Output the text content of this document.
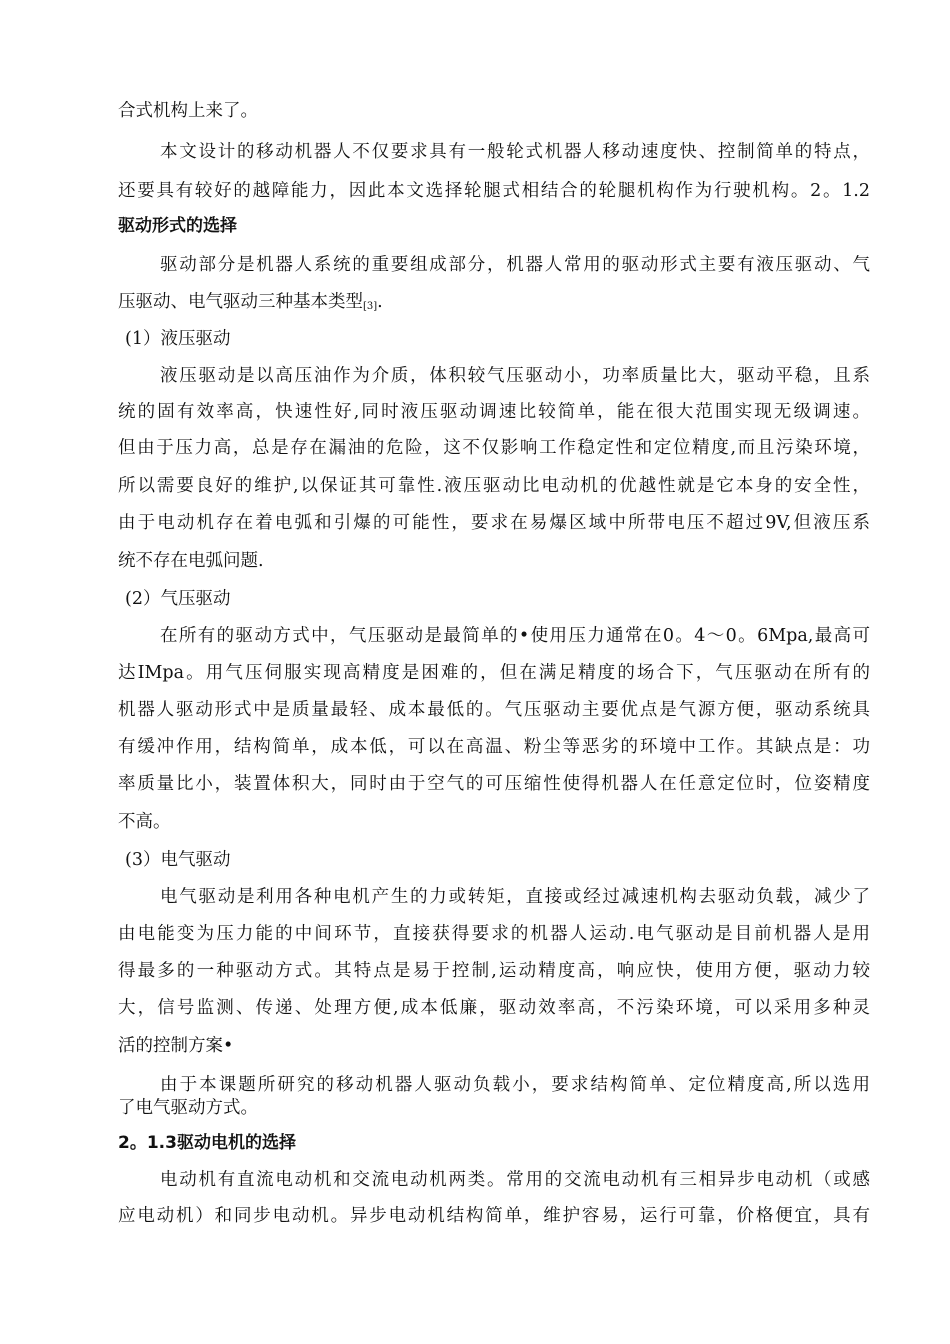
合式机构上来了。
本文设计的移动机器人不仅要求具有一般轮式机器人移动速度快、控制简单的特点，
还要具有较好的越障能力，因此本文选择轮腿式相结合的轮腿机构作为行驶机构。2。1.2
驱动形式的选择
驱动部分是机器人系统的重要组成部分，机器人常用的驱动形式主要有液压驱动、气
压驱动、电气驱动三种基本类型$_{[3]}$.
(1）液压驱动
液压驱动是以高压油作为介质，体积较气压驱动小，功率质量比大，驱动平稳，且系
统的固有效率高，快速性好,同时液压驱动调速比较简单，能在很大范围实现无级调速。
但由于压力高，总是存在漏油的危险，这不仅影响工作稳定性和定位精度,而且污染环境，
所以需要良好的维护,以保证其可靠性.液压驱动比电动机的优越性就是它本身的安全性，
由于电动机存在着电弧和引爆的可能性，要求在易爆区域中所带电压不超过9V,但液压系
统不存在电弧问题.
(2）气压驱动
在所有的驱动方式中，气压驱动是最简单的•使用压力通常在0。4〜0。6Mpa,最高可
达IMpa。用气压伺服实现高精度是困难的，但在满足精度的场合下，气压驱动在所有的
机器人驱动形式中是质量最轻、成本最低的。气压驱动主要优点是气源方便，驱动系统具
有缓冲作用，结构简单，成本低，可以在高温、粉尘等恶劣的环境中工作。其缺点是：功
率质量比小，装置体积大，同时由于空气的可压缩性使得机器人在任意定位时，位姿精度
不高。
(3）电气驱动
电气驱动是利用各种电机产生的力或转矩，直接或经过减速机构去驱动负载，减少了
由电能变为压力能的中间环节，直接获得要求的机器人运动.电气驱动是目前机器人是用
得最多的一种驱动方式。其特点是易于控制,运动精度高，响应快，使用方便，驱动力较
大，信号监测、传递、处理方便,成本低廉，驱动效率高，不污染环境，可以采用多种灵
活的控制方案•
由于本课题所研究的移动机器人驱动负载小，要求结构简单、定位精度高,所以选用
了电气驱动方式。
2。1.3驱动电机的选择
电动机有直流电动机和交流电动机两类。常用的交流电动机有三相异步电动机（或感
应电动机）和同步电动机。异步电动机结构简单，维护容易，运行可靠，价格便宜，具有
